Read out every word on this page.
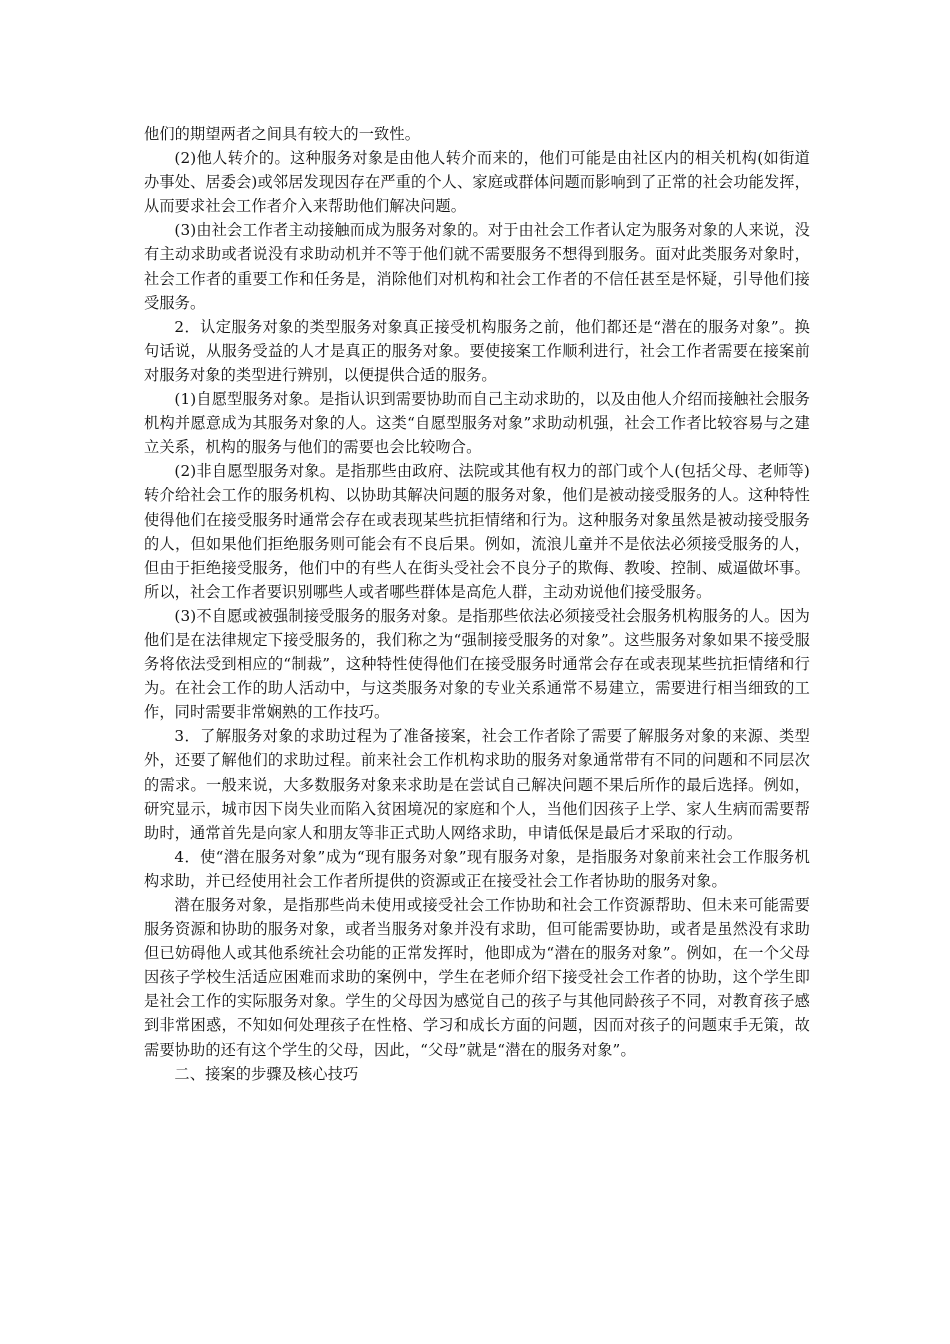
他们的期望两者之间具有较大的一致性。

(2)他人转介的。这种服务对象是由他人转介而来的，他们可能是由社区内的相关机构(如街道办事处、居委会)或邻居发现因存在严重的个人、家庭或群体问题而影响到了正常的社会功能发挥，从而要求社会工作者介入来帮助他们解决问题。

(3)由社会工作者主动接触而成为服务对象的。对于由社会工作者认定为服务对象的人来说，没有主动求助或者说没有求助动机并不等于他们就不需要服务不想得到服务。面对此类服务对象时，社会工作者的重要工作和任务是，消除他们对机构和社会工作者的不信任甚至是怀疑，引导他们接受服务。

2．认定服务对象的类型服务对象真正接受机构服务之前，他们都还是“潜在的服务对象”。换句话说，从服务受益的人才是真正的服务对象。要使接案工作顺利进行，社会工作者需要在接案前对服务对象的类型进行辨别，以便提供合适的服务。

(1)自愿型服务对象。是指认识到需要协助而自己主动求助的，以及由他人介绍而接触社会服务机构并愿意成为其服务对象的人。这类“自愿型服务对象”求助动机强，社会工作者比较容易与之建立关系，机构的服务与他们的需要也会比较吻合。

(2)非自愿型服务对象。是指那些由政府、法院或其他有权力的部门或个人(包括父母、老师等)转介给社会工作的服务机构、以协助其解决问题的服务对象，他们是被动接受服务的人。这种特性使得他们在接受服务时通常会存在或表现某些抗拒情绪和行为。这种服务对象虽然是被动接受服务的人，但如果他们拒绝服务则可能会有不良后果。例如，流浪儿童并不是依法必须接受服务的人，但由于拒绝接受服务，他们中的有些人在街头受社会不良分子的欺侮、教唆、控制、威逼做坏事。所以，社会工作者要识别哪些人或者哪些群体是高危人群，主动劝说他们接受服务。

(3)不自愿或被强制接受服务的服务对象。是指那些依法必须接受社会服务机构服务的人。因为他们是在法律规定下接受服务的，我们称之为“强制接受服务的对象”。这些服务对象如果不接受服务将依法受到相应的“制裁”，这种特性使得他们在接受服务时通常会存在或表现某些抗拒情绪和行为。在社会工作的助人活动中，与这类服务对象的专业关系通常不易建立，需要进行相当细致的工作，同时需要非常娴熟的工作技巧。

3．了解服务对象的求助过程为了准备接案，社会工作者除了需要了解服务对象的来源、类型外，还要了解他们的求助过程。前来社会工作机构求助的服务对象通常带有不同的问题和不同层次的需求。一般来说，大多数服务对象来求助是在尝试自己解决问题不果后所作的最后选择。例如，研究显示，城市因下岗失业而陷入贫困境况的家庭和个人，当他们因孩子上学、家人生病而需要帮助时，通常首先是向家人和朋友等非正式助人网络求助，申请低保是最后才采取的行动。

4．使“潜在服务对象”成为“现有服务对象”现有服务对象，是指服务对象前来社会工作服务机构求助，并已经使用社会工作者所提供的资源或正在接受社会工作者协助的服务对象。

潜在服务对象，是指那些尚未使用或接受社会工作协助和社会工作资源帮助、但未来可能需要服务资源和协助的服务对象，或者当服务对象并没有求助，但可能需要协助，或者是虽然没有求助但已妨碍他人或其他系统社会功能的正常发挥时，他即成为“潜在的服务对象”。例如，在一个父母因孩子学校生活适应困难而求助的案例中，学生在老师介绍下接受社会工作者的协助，这个学生即是社会工作的实际服务对象。学生的父母因为感觉自己的孩子与其他同龄孩子不同，对教育孩子感到非常困惑，不知如何处理孩子在性格、学习和成长方面的问题，因而对孩子的问题束手无策，故需要协助的还有这个学生的父母，因此，“父母”就是“潜在的服务对象”。

二、接案的步骤及核心技巧
